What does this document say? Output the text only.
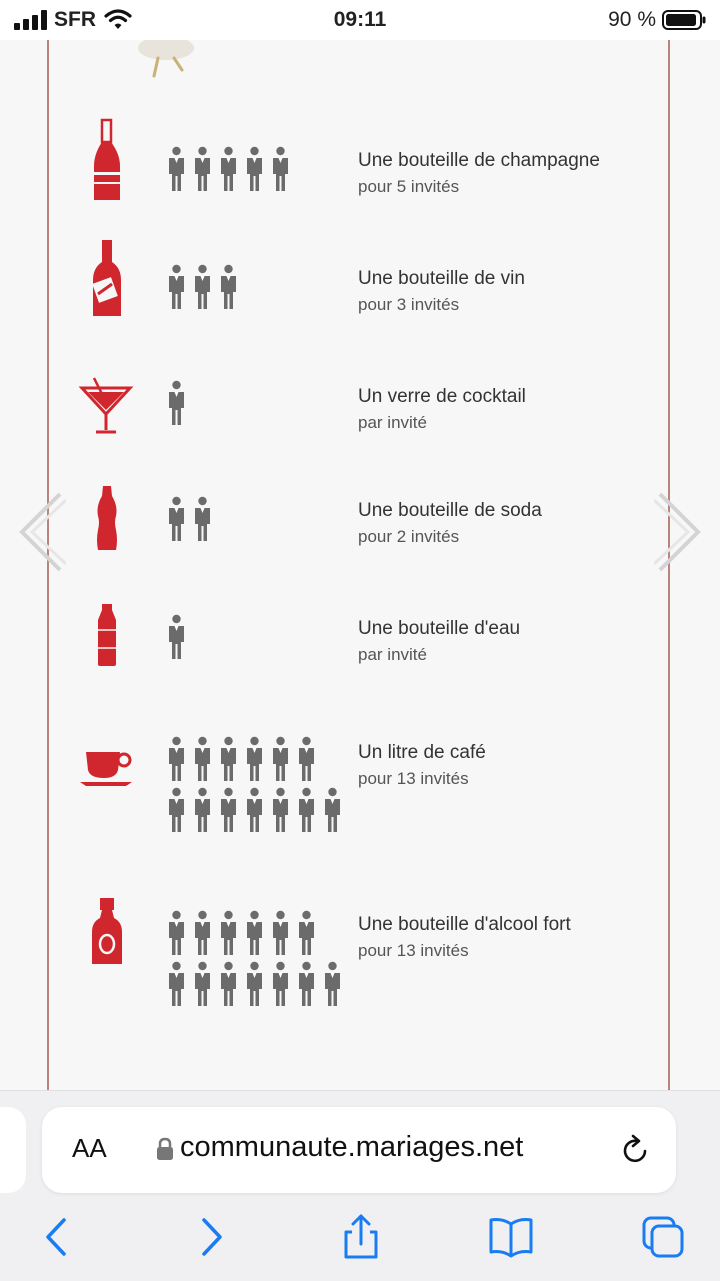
SFR	09:11	90 %
Une bouteille de champagne
pour 5 invités
Une bouteille de vin
pour 3 invités
Un verre de cocktail
par invité
Une bouteille de soda
pour 2 invités
Une bouteille d'eau
par invité
Un litre de café
pour 13 invités
Une bouteille d'alcool fort
pour 13 invités
AA	communaute.mariages.net
